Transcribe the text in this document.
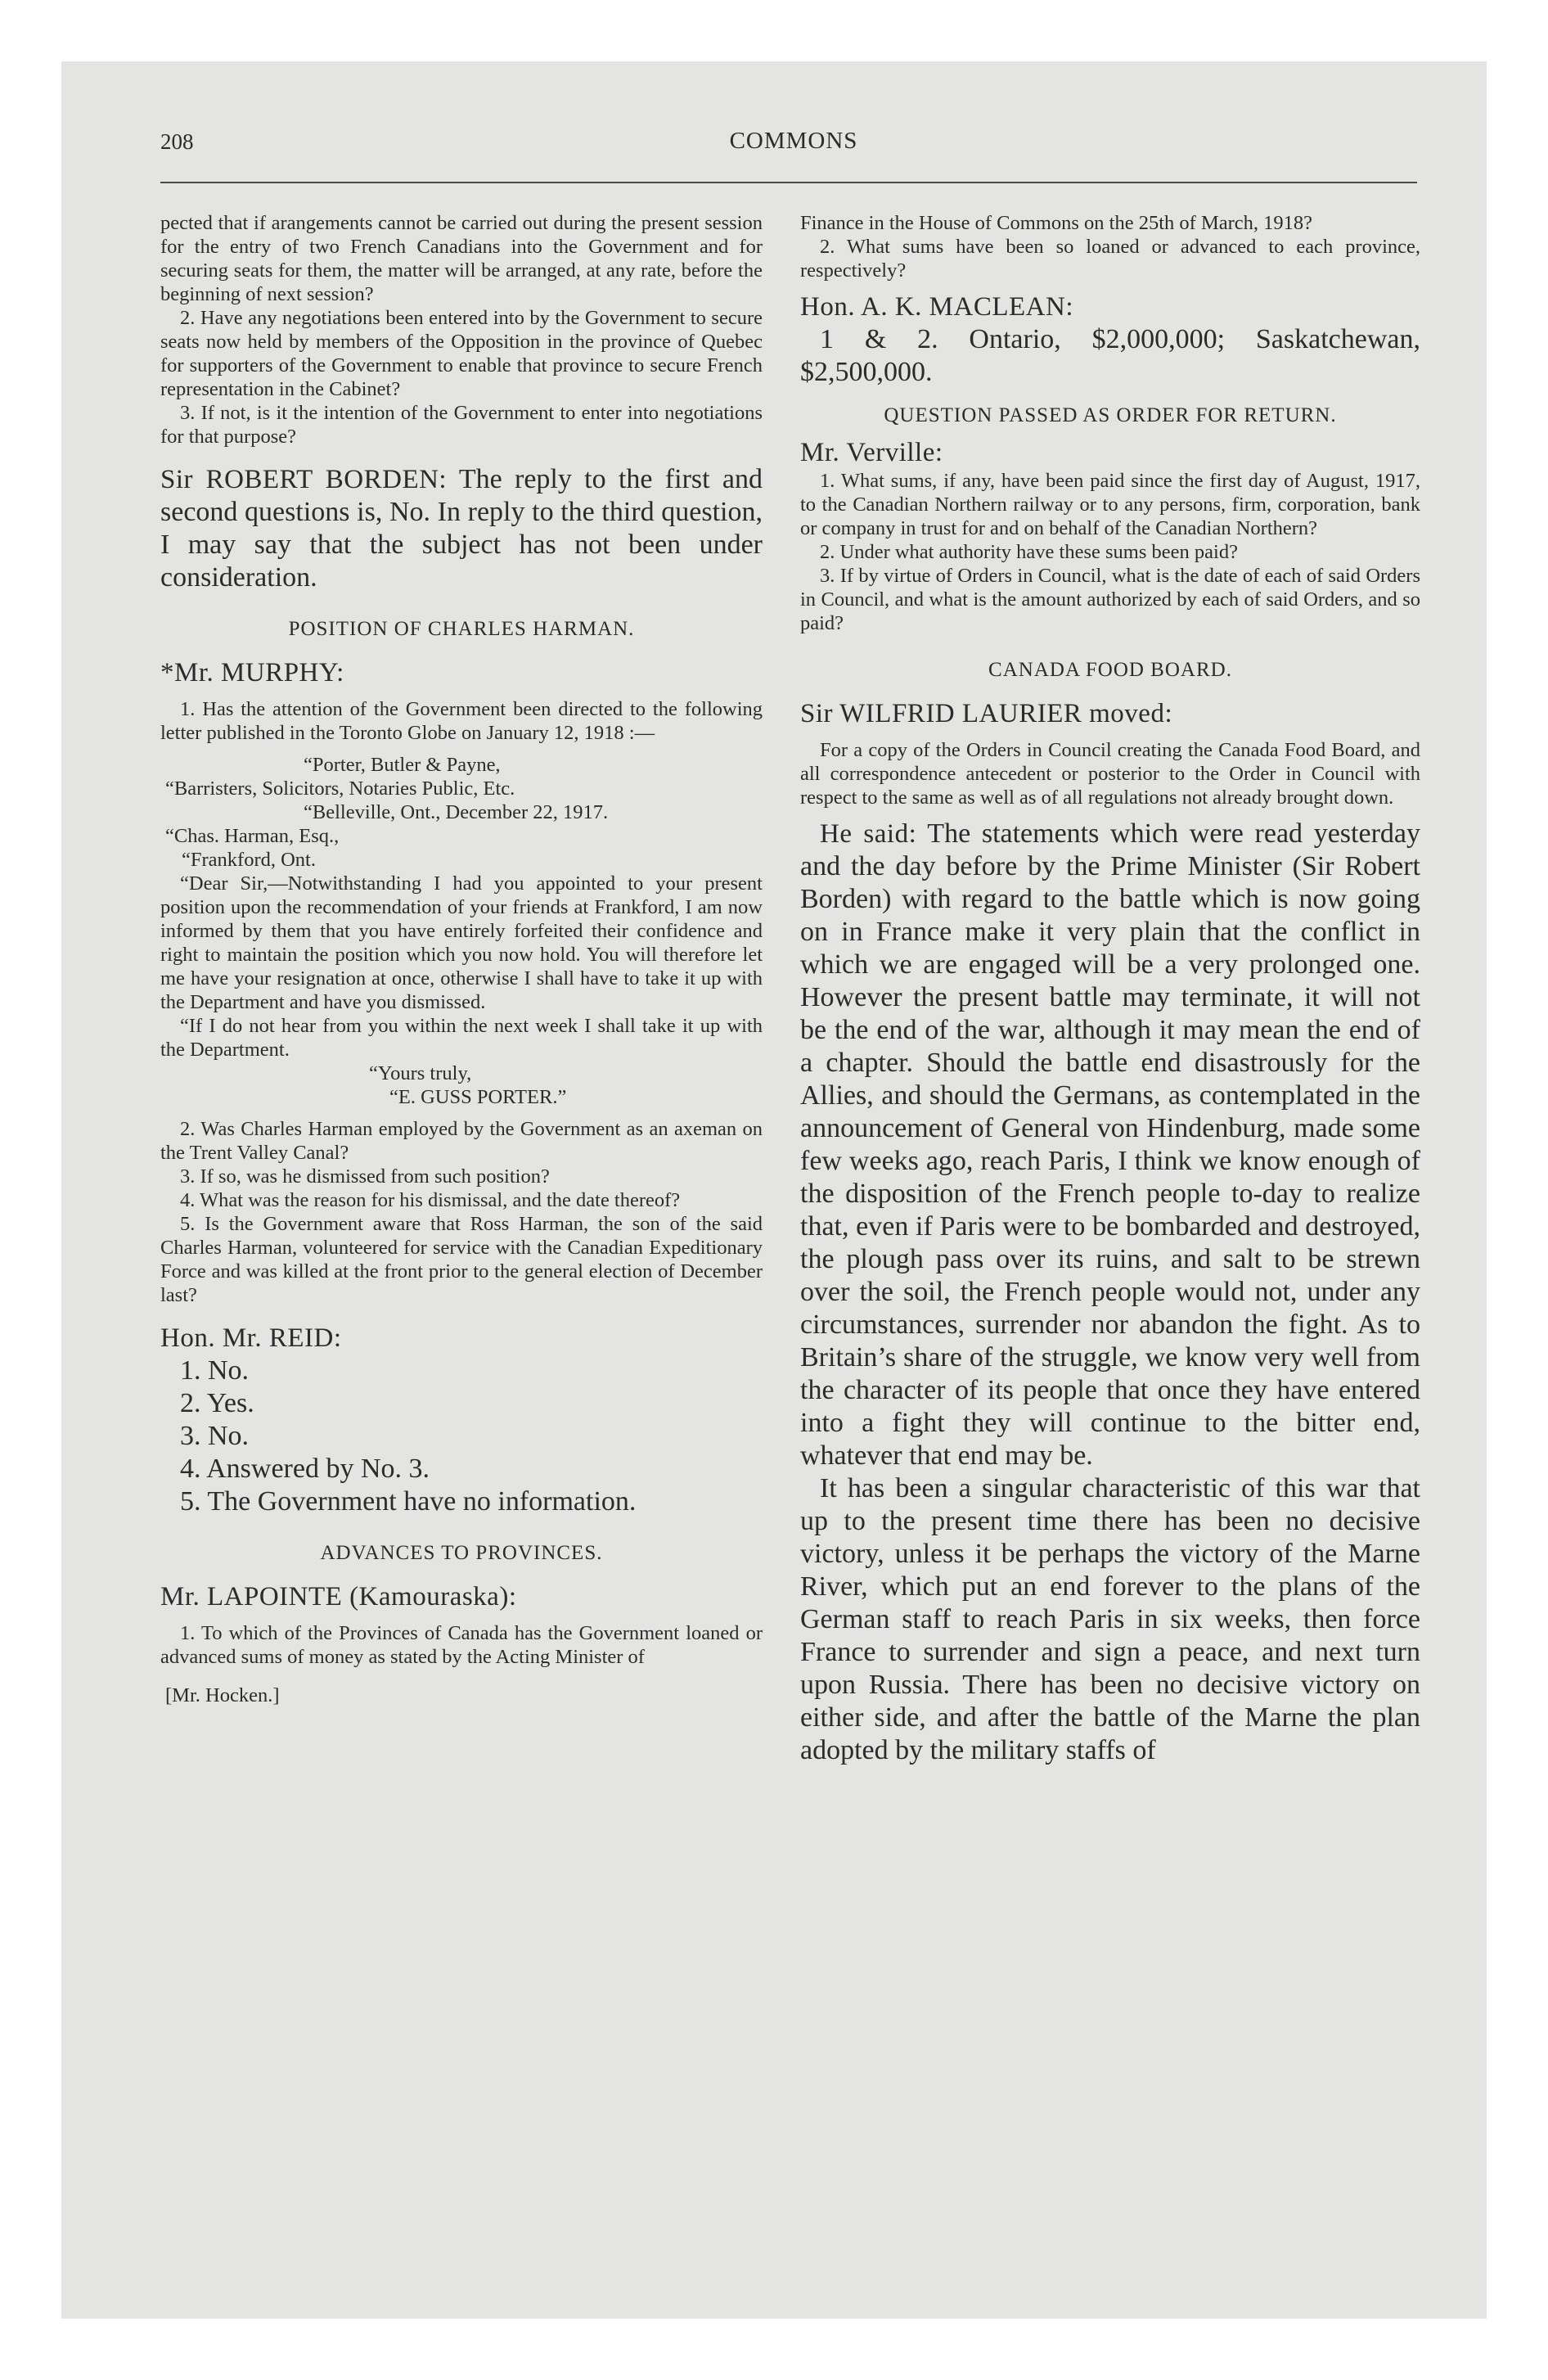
208	COMMONS

pected that if arangements cannot be carried out during the present session for the entry of two French Canadians into the Government and for securing seats for them, the matter will be arranged, at any rate, before the beginning of next session?

2. Have any negotiations been entered into by the Government to secure seats now held by members of the Opposition in the province of Quebec for supporters of the Government to enable that province to secure French representation in the Cabinet?

3. If not, is it the intention of the Government to enter into negotiations for that purpose?

Sir ROBERT BORDEN: The reply to the first and second questions is, No. In reply to the third question, I may say that the subject has not been under consideration.

POSITION OF CHARLES HARMAN.

*Mr. MURPHY:

1. Has the attention of the Government been directed to the following letter published in the Toronto Globe on January 12, 1918 :—

“Porter, Butler & Payne,

“Barristers, Solicitors, Notaries Public, Etc.

“Belleville, Ont., December 22, 1917.

“Chas. Harman, Esq.,

“Frankford, Ont.

“Dear Sir,—Notwithstanding I had you appointed to your present position upon the recommendation of your friends at Frankford, I am now informed by them that you have entirely forfeited their confidence and right to maintain the position which you now hold. You will therefore let me have your resignation at once, otherwise I shall have to take it up with the Department and have you dismissed.

“If I do not hear from you within the next week I shall take it up with the Department.

“Yours truly,

“E. GUSS PORTER.”

2. Was Charles Harman employed by the Government as an axeman on the Trent Valley Canal?

3. If so, was he dismissed from such position?

4. What was the reason for his dismissal, and the date thereof?

5. Is the Government aware that Ross Harman, the son of the said Charles Harman, volunteered for service with the Canadian Expeditionary Force and was killed at the front prior to the general election of December last?

Hon. Mr. REID:

1. No.

2. Yes.

3. No.

4. Answered by No. 3.

5. The Government have no information.

ADVANCES TO PROVINCES.

Mr. LAPOINTE (Kamouraska):

1. To which of the Provinces of Canada has the Government loaned or advanced sums of money as stated by the Acting Minister of

[Mr. Hocken.]

Finance in the House of Commons on the 25th of March, 1918?

2. What sums have been so loaned or advanced to each province, respectively?

Hon. A. K. MACLEAN:

1 & 2. Ontario, $2,000,000; Saskatchewan, $2,500,000.

QUESTION PASSED AS ORDER FOR RETURN.

Mr. Verville:

1. What sums, if any, have been paid since the first day of August, 1917, to the Canadian Northern railway or to any persons, firm, corporation, bank or company in trust for and on behalf of the Canadian Northern?

2. Under what authority have these sums been paid?

3. If by virtue of Orders in Council, what is the date of each of said Orders in Council, and what is the amount authorized by each of said Orders, and so paid?

CANADA FOOD BOARD.

Sir WILFRID LAURIER moved:

For a copy of the Orders in Council creating the Canada Food Board, and all correspondence antecedent or posterior to the Order in Council with respect to the same as well as of all regulations not already brought down.

He said: The statements which were read yesterday and the day before by the Prime Minister (Sir Robert Borden) with regard to the battle which is now going on in France make it very plain that the conflict in which we are engaged will be a very prolonged one. However the present battle may terminate, it will not be the end of the war, although it may mean the end of a chapter. Should the battle end disastrously for the Allies, and should the Germans, as contemplated in the announcement of General von Hindenburg, made some few weeks ago, reach Paris, I think we know enough of the disposition of the French people to-day to realize that, even if Paris were to be bombarded and destroyed, the plough pass over its ruins, and salt to be strewn over the soil, the French people would not, under any circumstances, surrender nor abandon the fight. As to Britain’s share of the struggle, we know very well from the character of its people that once they have entered into a fight they will continue to the bitter end, whatever that end may be.

It has been a singular characteristic of this war that up to the present time there has been no decisive victory, unless it be perhaps the victory of the Marne River, which put an end forever to the plans of the German staff to reach Paris in six weeks, then force France to surrender and sign a peace, and next turn upon Russia. There has been no decisive victory on either side, and after the battle of the Marne the plan adopted by the military staffs of
